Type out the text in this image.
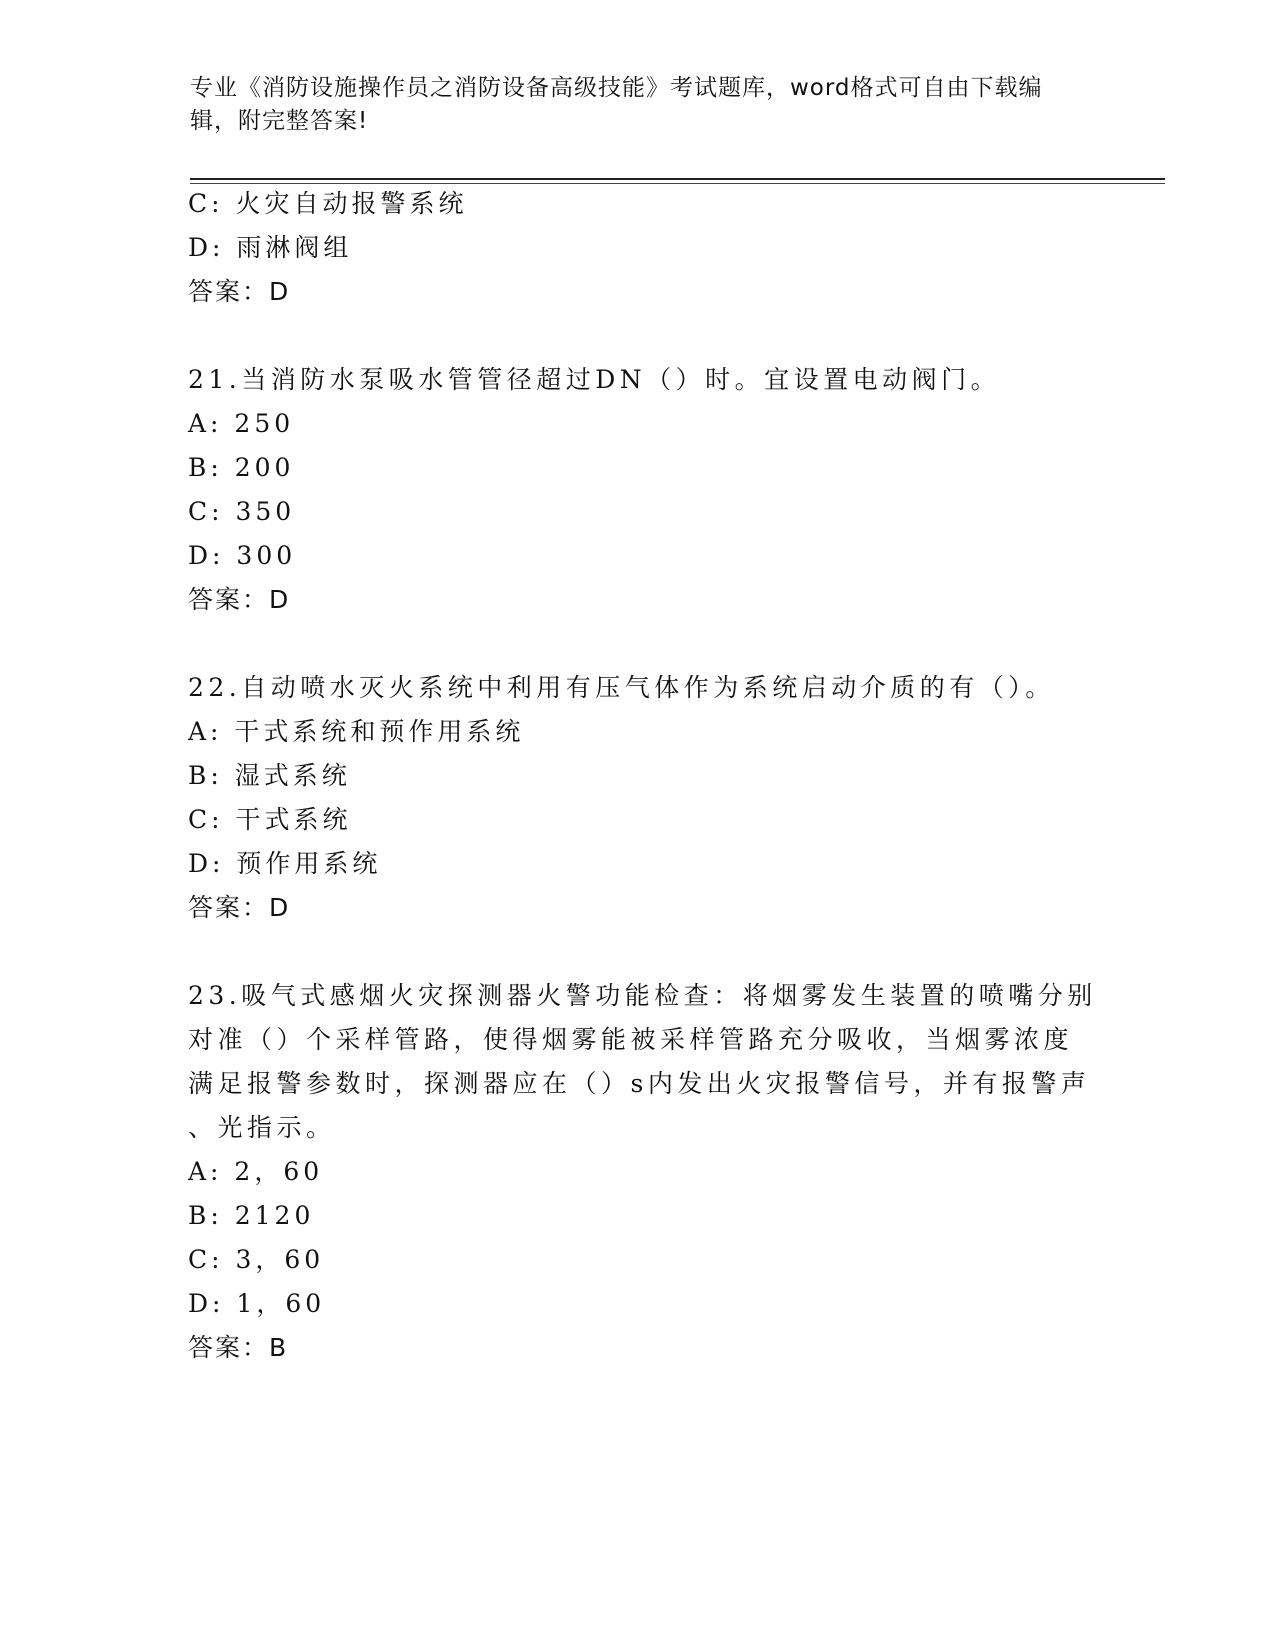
专业《消防设施操作员之消防设备高级技能》考试题库，word格式可自由下载编
辑，附完整答案!
C: 火灾自动报警系统
D: 雨淋阀组
答案：D
21.当消防水泵吸水管管径超过DN（）时。宜设置电动阀门。
A: 250
B: 200
C: 350
D: 300
答案：D
22.自动喷水灭火系统中利用有压气体作为系统启动介质的有（）。
A: 干式系统和预作用系统
B: 湿式系统
C: 干式系统
D: 预作用系统
答案：D
23.吸气式感烟火灾探测器火警功能检查：将烟雾发生装置的喷嘴分别
对准（）个采样管路，使得烟雾能被采样管路充分吸收，当烟雾浓度
满足报警参数时，探测器应在（）s内发出火灾报警信号，并有报警声
、光指示。
A: 2，60
B: 2120
C: 3，60
D: 1，60
答案：B
